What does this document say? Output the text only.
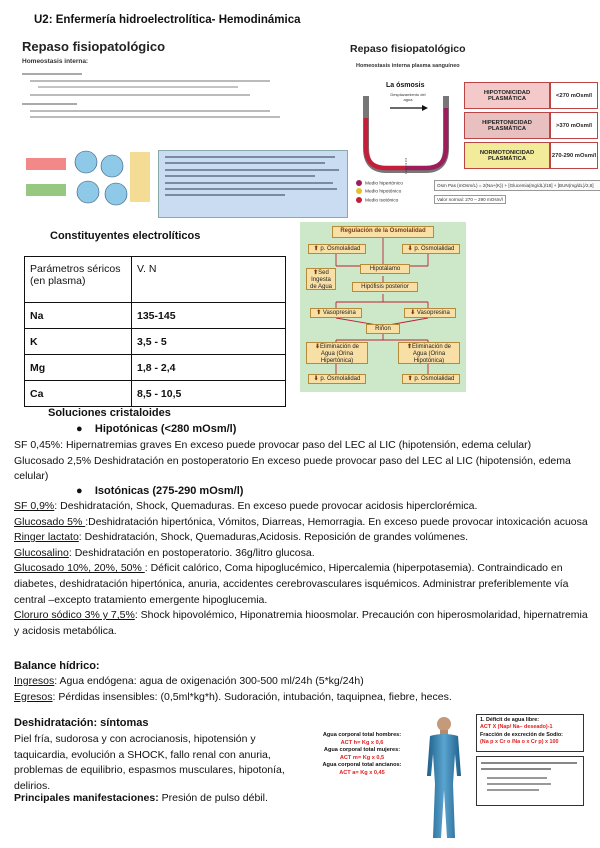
U2: Enfermería hidroelectrolítica- Hemodinámica
Repaso fisiopatológico
Homeostasis interna:
Repaso fisiopatológico
Homeostasis interna plasma sanguíneo
La ósmosis
Desplazamiento del agua
Medio hipertónico
Medio hipotónico
Medio isotónico
HIPOTONICIDAD PLASMÁTICA	<270 mOsm/l
HIPERTONICIDAD PLASMÁTICA	>370 mOsm/l
NORMOTONICIDAD PLASMÁTICA	270-290 mOsm/l
Osm Pas (mOsm/L) = 2(Na+(K)) + [Glucemia(mg/dL)/18] + [BUN(mg/dL)/2,8]
Valor normal: 270 – 290 mOsm/l
Constituyentes electrolíticos
Parámetros séricos (en plasma)	V. N
Na	135-145
K	3,5 - 5
Mg	1,8 - 2,4
Ca	8,5 - 10,5
Regulación de la Osmolalidad
⬆ p. Osmolalidad	⬇ p. Osmolalidad
Hipotálamo
⬆Sed Ingesta de Agua	Hipófisis posterior
⬆ Vasopresina	⬇ Vasopresina
Riñon
⬇Eliminación de Agua (Orina Hipertónica)
⬆Eliminación de Agua (Orina Hipotónica)
⬇ p. Osmolalidad	⬆ p. Osmolalidad
Soluciones cristaloides
●    Hipotónicas (<280 mOsm/l)
SF 0,45%: Hipernatremias graves En exceso puede provocar paso del LEC al LIC (hipotensión, edema celular)
Glucosado 2,5% Deshidratación en postoperatorio En exceso puede provocar paso del LEC al LIC (hipotensión, edema celular)
●    Isotónicas (275-290 mOsm/l)
SF 0,9%: Deshidratación, Shock, Quemaduras. En exceso puede provocar acidosis hiperclorémica.
Glucosado 5% :Deshidratación hipertónica, Vómitos, Diarreas, Hemorragia. En exceso puede provocar intoxicación acuosa
Ringer lactato: Deshidratación, Shock, Quemaduras,Acidosis. Reposición de grandes volúmenes.
Glucosalino: Deshidratación en postoperatorio. 36g/litro glucosa.
Glucosado 10%, 20%, 50% : Déficit calórico, Coma hipoglucémico, Hipercalemia (hiperpotasemia). Contraindicado en diabetes, deshidratación hipertónica, anuria, accidentes cerebrovasculares isquémicos. Administrar preferiblemente vía central –excepto tratamiento emergente hipoglucemia.
Cloruro sódico 3% y 7,5%: Shock hipovolémico, Hiponatremia hioosmolar. Precaución con hiperosmolaridad, hipernatremia y acidosis metabólica.
Balance hídrico:
Ingresos: Agua endógena: agua de oxigenación 300-500 ml/24h (5*kg/24h)
Egresos: Pérdidas insensibles: (0,5ml*kg*h). Sudoración, intubación, taquipnea, fiebre, heces.
Deshidratación: síntomas
Piel fría, sudorosa y con acrocianosis, hipotensión y taquicardia, evolución a SHOCK, fallo renal con anuria, problemas de equilibrio, espasmos musculares, hipotonía, delirios.
Principales manifestaciones: Presión de pulso débil.
Agua corporal total hombres:
ACT h= Kg x 0,6
Agua corporal total mujeres:
ACT m= Kg x 0,5
Agua corporal total ancianos:
ACT a= Kg x 0,45
1. Déficit de agua libre:
ACT X (Nap/ Na– deseado)-1
Fracción de excreción de Sodio:
(Na p x Cr o /Na o x Cr p) x 100
